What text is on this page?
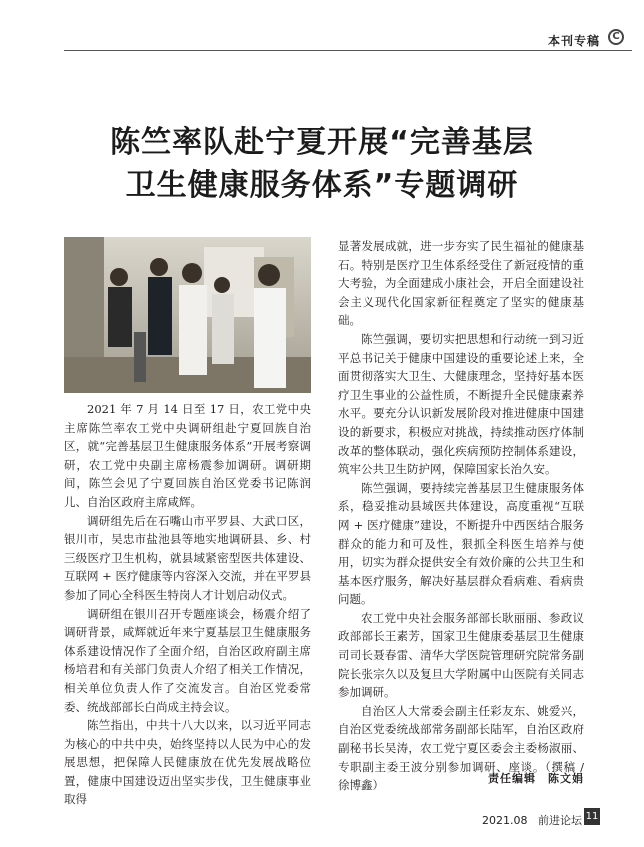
本刊专稿	C
陈竺率队赴宁夏开展“完善基层
卫生健康服务体系”专题调研

2021 年 7 月 14 日至 17 日，农工党中央主席陈竺率农工党中央调研组赴宁夏回族自治区，就“完善基层卫生健康服务体系”开展考察调研，农工党中央副主席杨震参加调研。调研期间，陈竺会见了宁夏回族自治区党委书记陈润儿、自治区政府主席咸辉。

调研组先后在石嘴山市平罗县、大武口区，银川市，吴忠市盐池县等地实地调研县、乡、村三级医疗卫生机构，就县域紧密型医共体建设、互联网 + 医疗健康等内容深入交流，并在平罗县参加了同心全科医生特岗人才计划启动仪式。

调研组在银川召开专题座谈会，杨震介绍了调研背景，咸辉就近年来宁夏基层卫生健康服务体系建设情况作了全面介绍，自治区政府副主席杨培君和有关部门负责人介绍了相关工作情况，相关单位负责人作了交流发言。自治区党委常委、统战部部长白尚成主持会议。

陈竺指出，中共十八大以来，以习近平同志为核心的中共中央，始终坚持以人民为中心的发展思想，把保障人民健康放在优先发展战略位置，健康中国建设迈出坚实步伐，卫生健康事业取得

显著发展成就，进一步夯实了民生福祉的健康基石。特别是医疗卫生体系经受住了新冠疫情的重大考验，为全面建成小康社会，开启全面建设社会主义现代化国家新征程奠定了坚实的健康基础。

陈竺强调，要切实把思想和行动统一到习近平总书记关于健康中国建设的重要论述上来，全面贯彻落实大卫生、大健康理念，坚持好基本医疗卫生事业的公益性质，不断提升全民健康素养水平。要充分认识新发展阶段对推进健康中国建设的新要求，积极应对挑战，持续推动医疗体制改革的整体联动，强化疾病预防控制体系建设，筑牢公共卫生防护网，保障国家长治久安。

陈竺强调，要持续完善基层卫生健康服务体系，稳妥推动县域医共体建设，高度重视“互联网 + 医疗健康”建设，不断提升中西医结合服务群众的能力和可及性，狠抓全科医生培养与使用，切实为群众提供安全有效价廉的公共卫生和基本医疗服务，解决好基层群众看病难、看病贵问题。

农工党中央社会服务部部长耿丽丽、参政议政部部长王素芳，国家卫生健康委基层卫生健康司司长聂春雷、清华大学医院管理研究院常务副院长张宗久以及复旦大学附属中山医院有关同志参加调研。

自治区人大常委会副主任彩友东、姚爱兴，自治区党委统战部常务副部长陆军，自治区政府副秘书长吴涛，农工党宁夏区委会主委杨淑丽、专职副主委王波分别参加调研、座谈。（撰稿 / 徐博鑫）	责任编辑　陈文娟
2021.08 前进论坛 11
